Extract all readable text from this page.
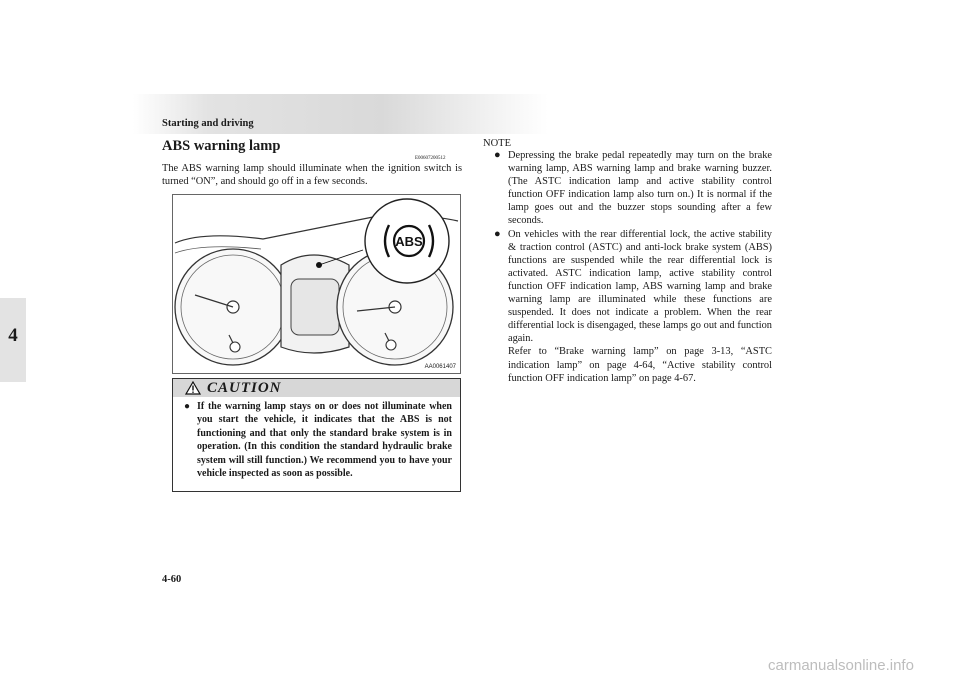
Starting and driving
4
ABS warning lamp
E00607200512
The ABS warning lamp should illuminate when the ignition switch is turned “ON”, and should go off in a few seconds.
ABS
AA0061407
CAUTION
● If the warning lamp stays on or does not illuminate when you start the vehicle, it indicates that the ABS is not functioning and that only the standard brake system is in operation. (In this condition the standard hydraulic brake system will still function.) We recommend you to have your vehicle inspected as soon as possible.
NOTE
● Depressing the brake pedal repeatedly may turn on the brake warning lamp, ABS warning lamp and brake warning buzzer. (The ASTC indication lamp and active stability control function OFF indication lamp also turn on.) It is normal if the lamp goes out and the buzzer stops sounding after a few seconds.
● On vehicles with the rear differential lock, the active stability & traction control (ASTC) and anti-lock brake system (ABS) functions are suspended while the rear differential lock is activated. ASTC indication lamp, active stability control function OFF indication lamp, ABS warning lamp and brake warning lamp are illuminated while these functions are suspended. It does not indicate a problem. When the rear differential lock is disengaged, these lamps go out and function again.
Refer to “Brake warning lamp” on page 3-13, “ASTC indication lamp” on page 4-64, “Active stability control function OFF indication lamp” on page 4-67.
4-60
carmanualsonline.info
